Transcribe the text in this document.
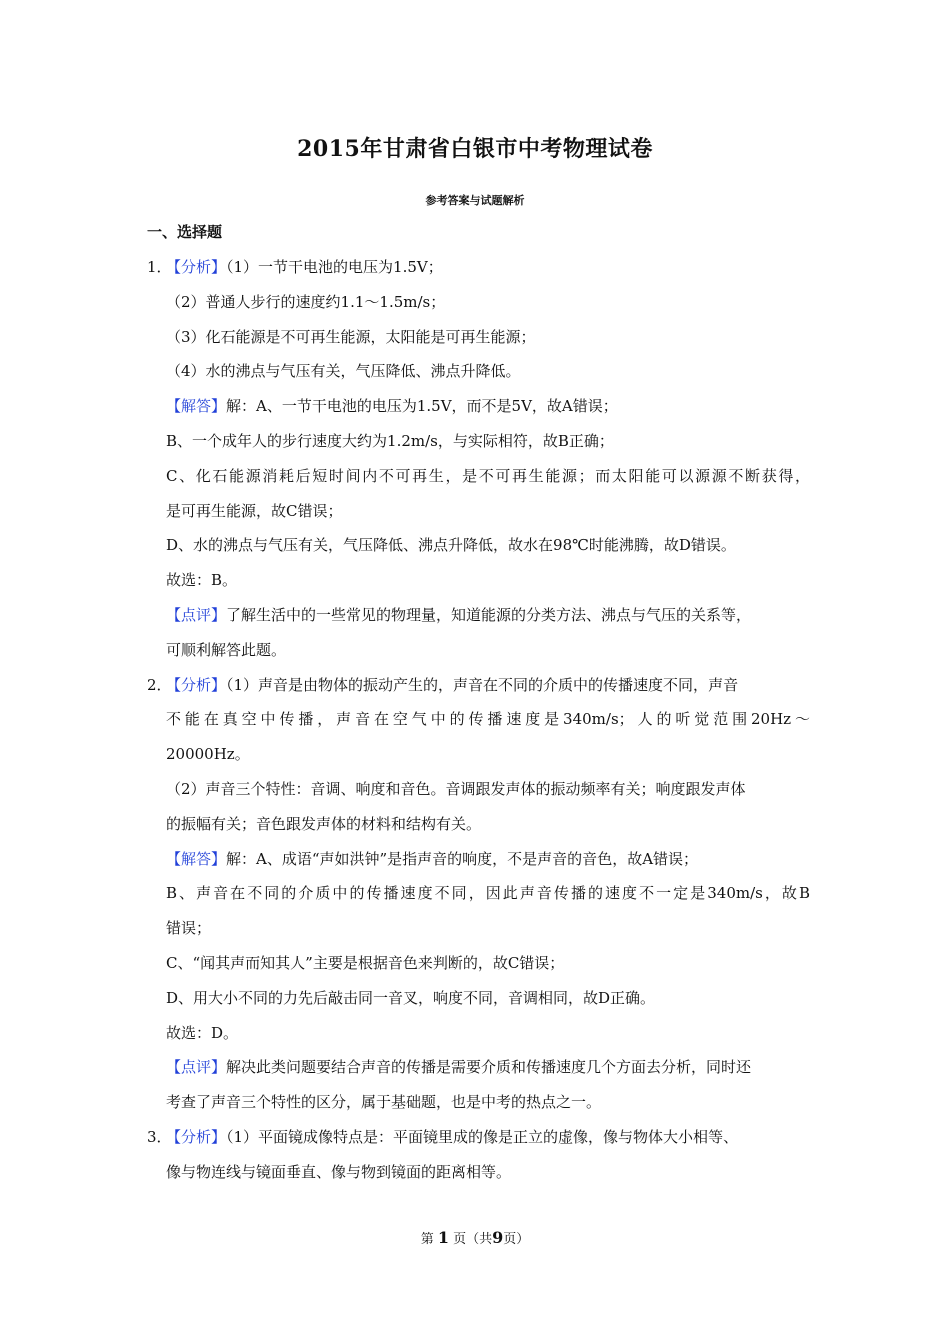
2015年甘肃省白银市中考物理试卷
参考答案与试题解析
一、选择题
1．
【分析】（1）一节干电池的电压为1.5V；
（2）普通人步行的速度约1.1～1.5m/s；
（3）化石能源是不可再生能源，太阳能是可再生能源；
（4）水的沸点与气压有关，气压降低、沸点升降低。
【解答】解：A、一节干电池的电压为1.5V，而不是5V，故A错误；
B、一个成年人的步行速度大约为1.2m/s，与实际相符，故B正确；
C、化石能源消耗后短时间内不可再生，是不可再生能源；而太阳能可以源源不断获得，
是可再生能源，故C错误；
D、水的沸点与气压有关，气压降低、沸点升降低，故水在98℃时能沸腾，故D错误。
故选：B。
【点评】了解生活中的一些常见的物理量，知道能源的分类方法、沸点与气压的关系等，
可顺利解答此题。
2．
【分析】（1）声音是由物体的振动产生的，声音在不同的介质中的传播速度不同，声音
不能在真空中传播，声音在空气中的传播速度是340m/s；人的听觉范围20Hz～
20000Hz。
（2）声音三个特性：音调、响度和音色。音调跟发声体的振动频率有关；响度跟发声体
的振幅有关；音色跟发声体的材料和结构有关。
【解答】解：A、成语“声如洪钟”是指声音的响度，不是声音的音色，故A错误；
B、声音在不同的介质中的传播速度不同，因此声音传播的速度不一定是340m/s，故B
错误；
C、“闻其声而知其人”主要是根据音色来判断的，故C错误；
D、用大小不同的力先后敲击同一音叉，响度不同，音调相同，故D正确。
故选：D。
【点评】解决此类问题要结合声音的传播是需要介质和传播速度几个方面去分析，同时还
考查了声音三个特性的区分，属于基础题，也是中考的热点之一。
3．
【分析】（1）平面镜成像特点是：平面镜里成的像是正立的虚像，像与物体大小相等、
像与物连线与镜面垂直、像与物到镜面的距离相等。
第 1 页（共9页）
